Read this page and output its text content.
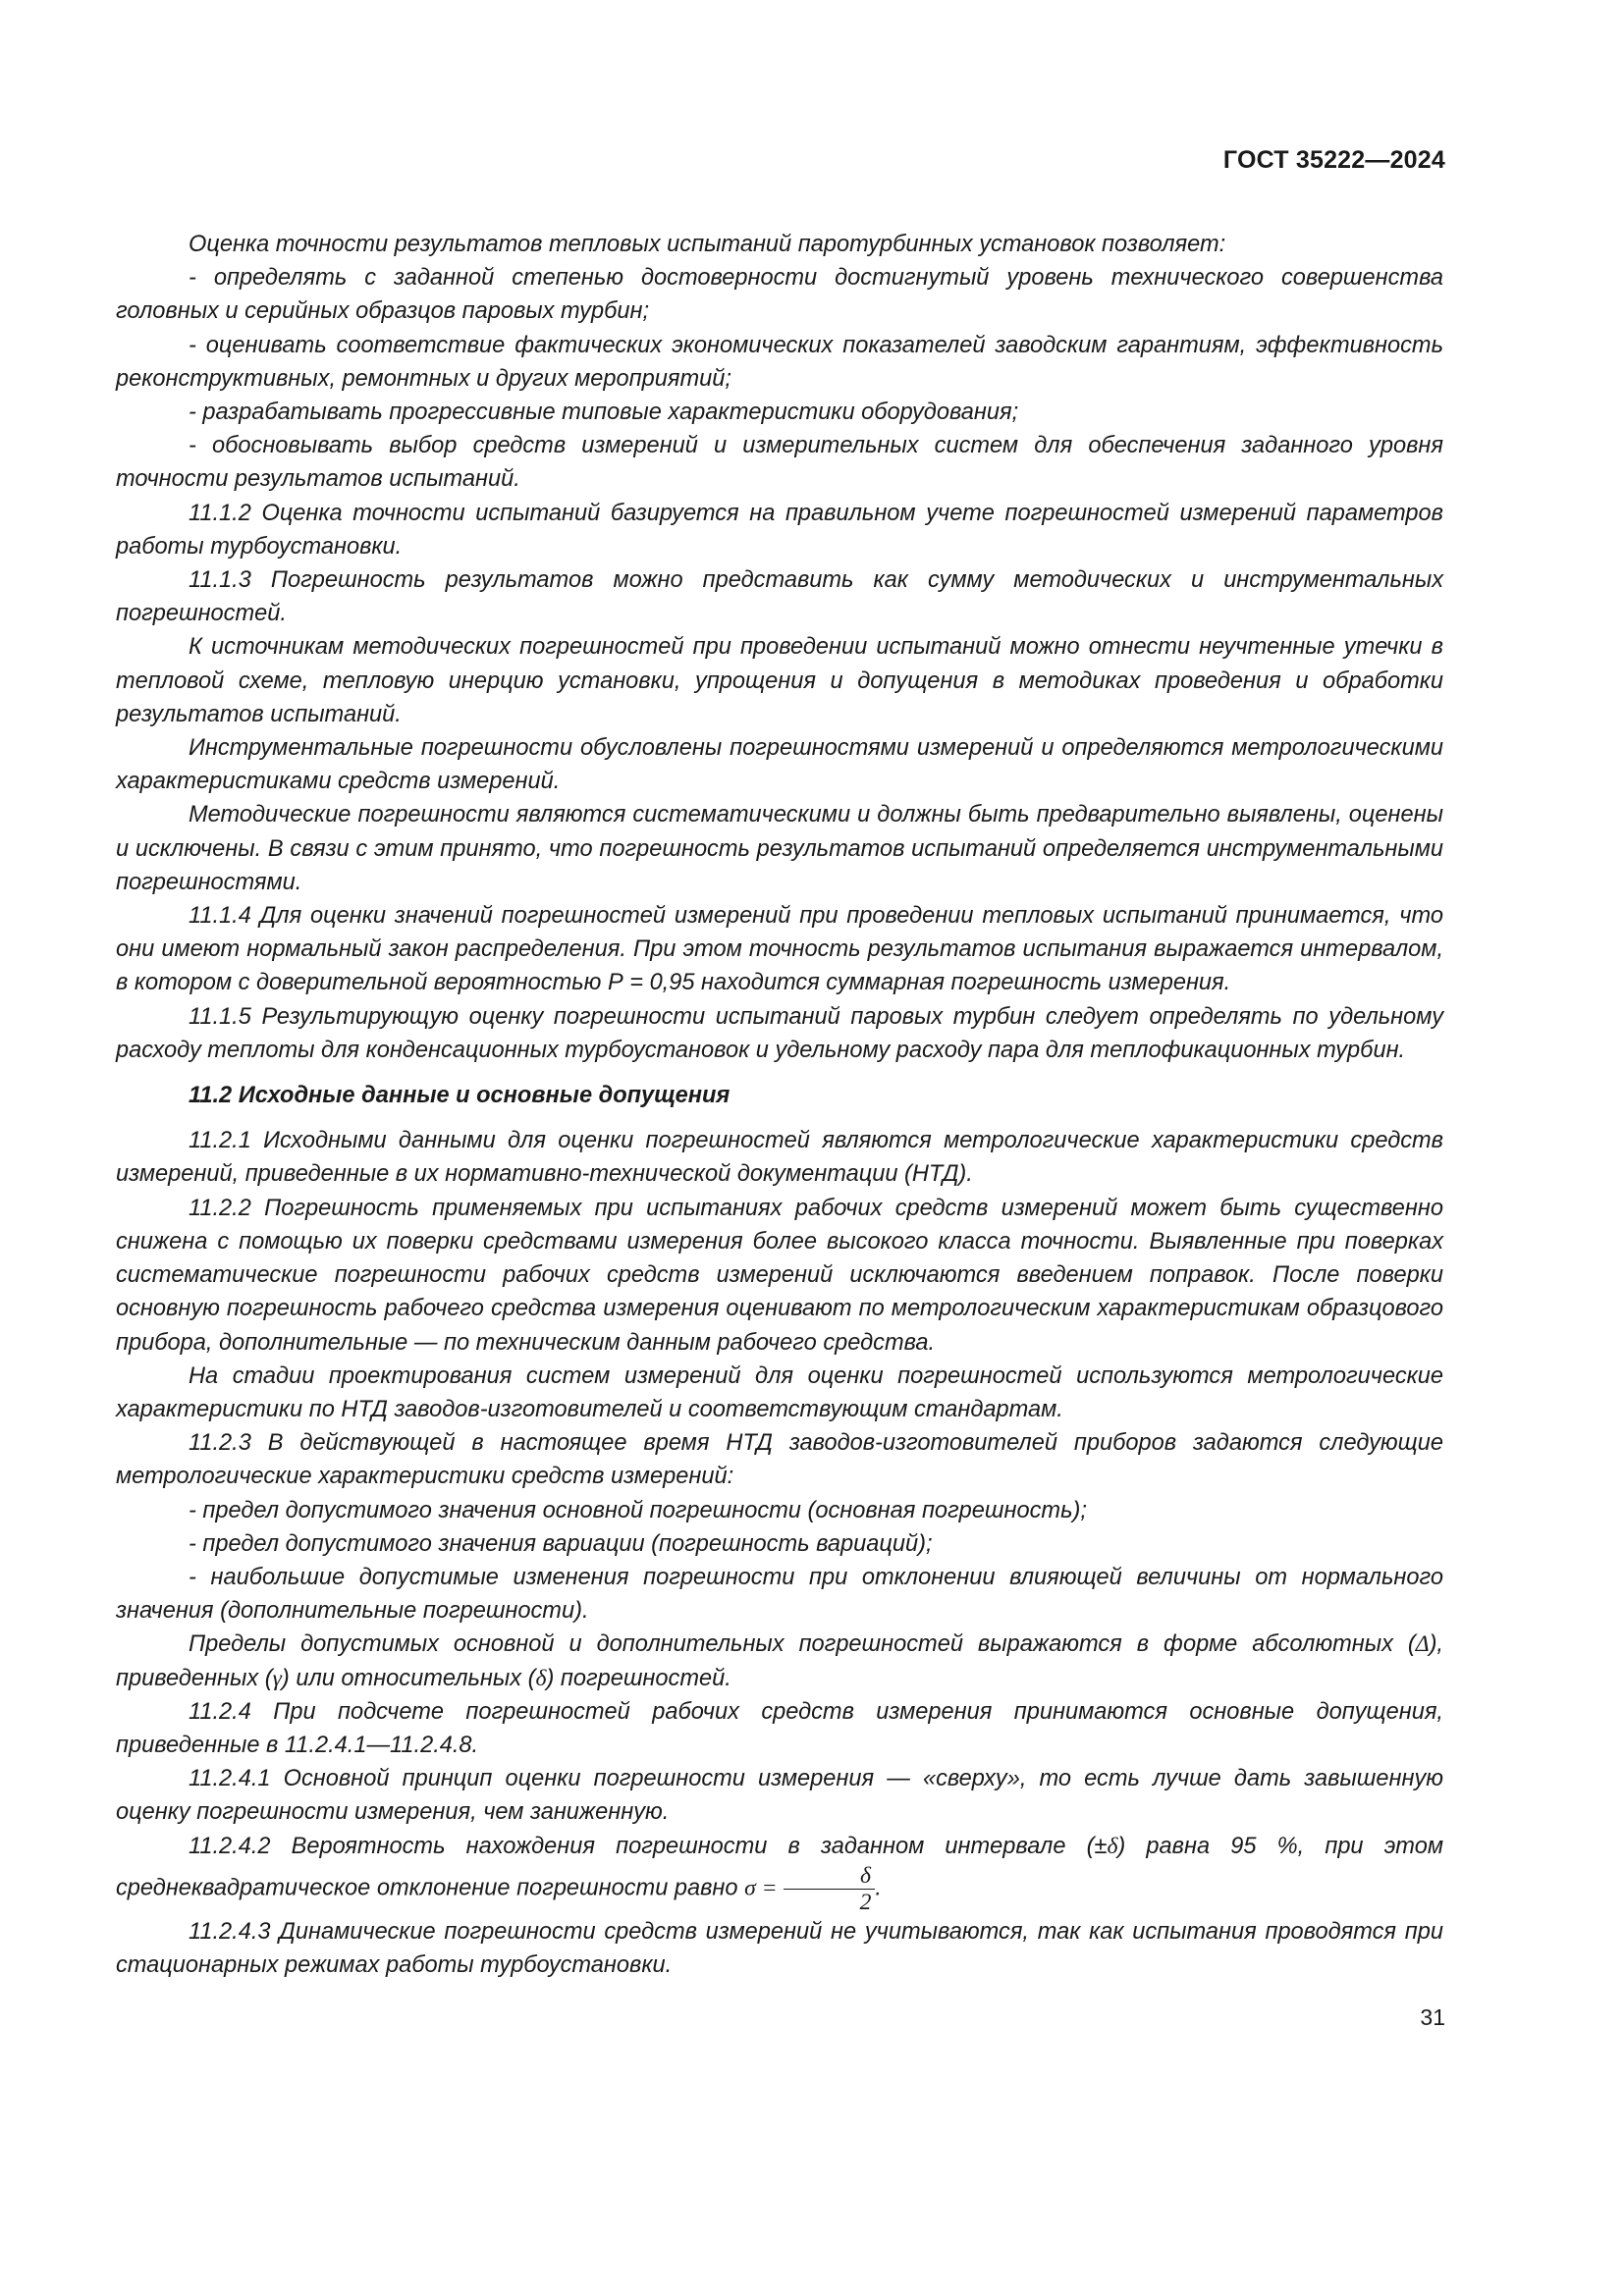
ГОСТ 35222—2024

Оценка точности результатов тепловых испытаний паротурбинных установок позволяет:

- определять с заданной степенью достоверности достигнутый уровень технического совершенства головных и серийных образцов паровых турбин;

- оценивать соответствие фактических экономических показателей заводским гарантиям, эффективность реконструктивных, ремонтных и других мероприятий;

- разрабатывать прогрессивные типовые характеристики оборудования;

- обосновывать выбор средств измерений и измерительных систем для обеспечения заданного уровня точности результатов испытаний.

11.1.2 Оценка точности испытаний базируется на правильном учете погрешностей измерений параметров работы турбоустановки.

11.1.3 Погрешность результатов можно представить как сумму методических и инструментальных погрешностей.

К источникам методических погрешностей при проведении испытаний можно отнести неучтенные утечки в тепловой схеме, тепловую инерцию установки, упрощения и допущения в методиках проведения и обработки результатов испытаний.

Инструментальные погрешности обусловлены погрешностями измерений и определяются метрологическими характеристиками средств измерений.

Методические погрешности являются систематическими и должны быть предварительно выявлены, оценены и исключены. В связи с этим принято, что погрешность результатов испытаний определяется инструментальными погрешностями.

11.1.4 Для оценки значений погрешностей измерений при проведении тепловых испытаний принимается, что они имеют нормальный закон распределения. При этом точность результатов испытания выражается интервалом, в котором с доверительной вероятностью Р = 0,95 находится суммарная погрешность измерения.

11.1.5 Результирующую оценку погрешности испытаний паровых турбин следует определять по удельному расходу теплоты для конденсационных турбоустановок и удельному расходу пара для теплофикационных турбин.

11.2 Исходные данные и основные допущения

11.2.1 Исходными данными для оценки погрешностей являются метрологические характеристики средств измерений, приведенные в их нормативно-технической документации (НТД).

11.2.2 Погрешность применяемых при испытаниях рабочих средств измерений может быть существенно снижена с помощью их поверки средствами измерения более высокого класса точности. Выявленные при поверках систематические погрешности рабочих средств измерений исключаются введением поправок. После поверки основную погрешность рабочего средства измерения оценивают по метрологическим характеристикам образцового прибора, дополнительные — по техническим данным рабочего средства.

На стадии проектирования систем измерений для оценки погрешностей используются метрологические характеристики по НТД заводов-изготовителей и соответствующим стандартам.

11.2.3 В действующей в настоящее время НТД заводов-изготовителей приборов задаются следующие метрологические характеристики средств измерений:

- предел допустимого значения основной погрешности (основная погрешность);

- предел допустимого значения вариации (погрешность вариаций);

- наибольшие допустимые изменения погрешности при отклонении влияющей величины от нормального значения (дополнительные погрешности).

Пределы допустимых основной и дополнительных погрешностей выражаются в форме абсолютных (Δ), приведенных (γ) или относительных (δ) погрешностей.

11.2.4 При подсчете погрешностей рабочих средств измерения принимаются основные допущения, приведенные в 11.2.4.1—11.2.4.8.

11.2.4.1 Основной принцип оценки погрешности измерения — «сверху», то есть лучше дать завышенную оценку погрешности измерения, чем заниженную.

11.2.4.2 Вероятность нахождения погрешности в заданном интервале (±δ) равна 95 %, при этом среднеквадратическое отклонение погрешности равно $\sigma = \frac{\delta}{2}$ .

11.2.4.3 Динамические погрешности средств измерений не учитываются, так как испытания проводятся при стационарных режимах работы турбоустановки.

31
